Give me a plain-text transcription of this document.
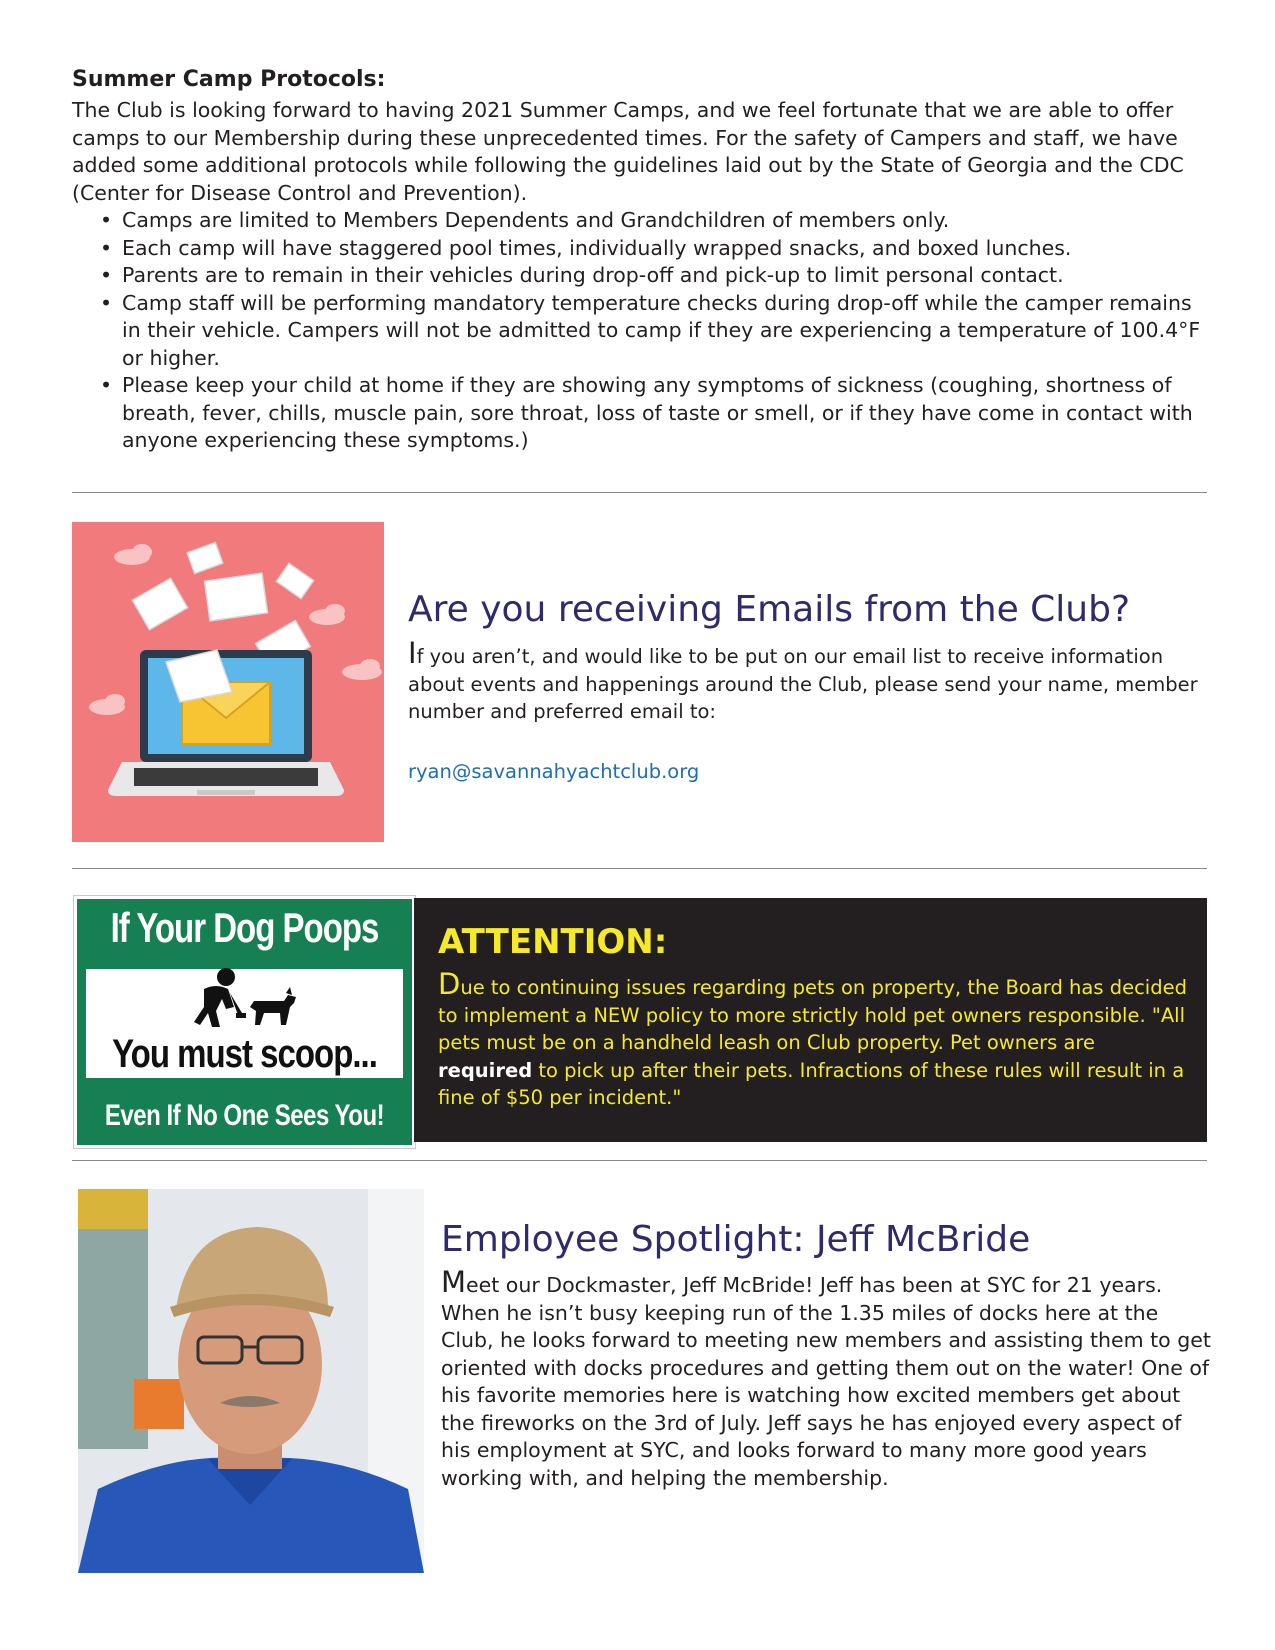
Summer Camp Protocols:
The Club is looking forward to having 2021 Summer Camps, and we feel fortunate that we are able to offer camps to our Membership during these unprecedented times. For the safety of Campers and staff, we have added some additional protocols while following the guidelines laid out by the State of Georgia and the CDC (Center for Disease Control and Prevention).
• Camps are limited to Members Dependents and Grandchildren of members only.
• Each camp will have staggered pool times, individually wrapped snacks, and boxed lunches.
• Parents are to remain in their vehicles during drop-off and pick-up to limit personal contact.
• Camp staff will be performing mandatory temperature checks during drop-off while the camper remains in their vehicle. Campers will not be admitted to camp if they are experiencing a temperature of 100.4°F or higher.
• Please keep your child at home if they are showing any symptoms of sickness (coughing, shortness of breath, fever, chills, muscle pain, sore throat, loss of taste or smell, or if they have come in contact with anyone experiencing these symptoms.)
Are you receiving Emails from the Club?
If you aren’t, and would like to be put on our email list to receive information about events and happenings around the Club, please send your name, member number and preferred email to:
ryan@savannahyachtclub.org
If Your Dog Poops
You must scoop...
Even If No One Sees You!
ATTENTION:
Due to continuing issues regarding pets on property, the Board has decided to implement a NEW policy to more strictly hold pet owners responsible. "All pets must be on a handheld leash on Club property. Pet owners are required to pick up after their pets. Infractions of these rules will result in a fine of $50 per incident."
Employee Spotlight: Jeff McBride
Meet our Dockmaster, Jeff McBride! Jeff has been at SYC for 21 years. When he isn’t busy keeping run of the 1.35 miles of docks here at the Club, he looks forward to meeting new members and assisting them to get oriented with docks procedures and getting them out on the water! One of his favorite memories here is watching how excited members get about the fireworks on the 3rd of July. Jeff says he has enjoyed every aspect of his employment at SYC, and looks forward to many more good years working with, and helping the membership.
